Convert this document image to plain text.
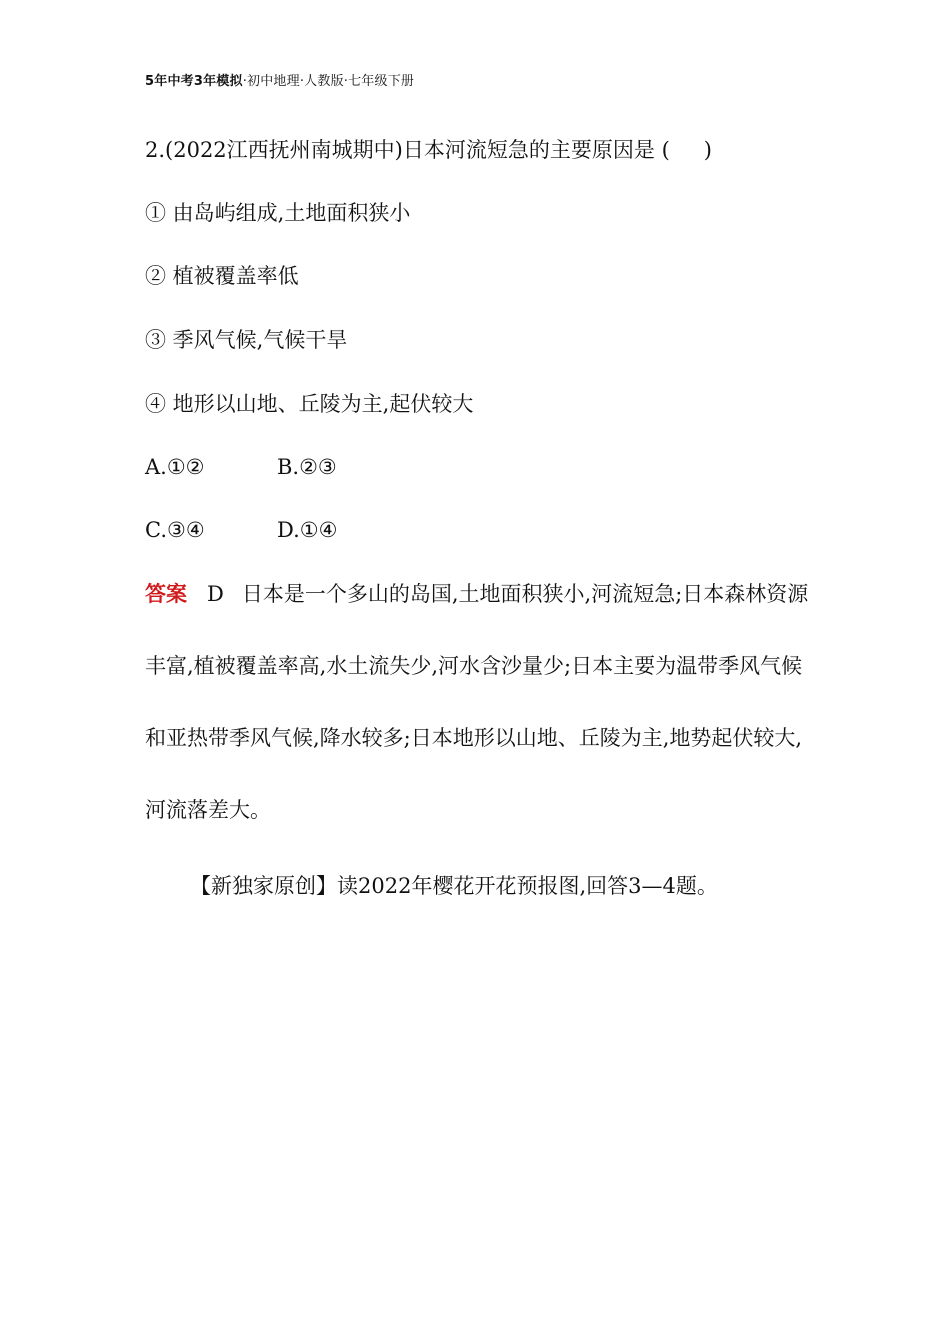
5年中考3年模拟·初中地理·人教版·七年级下册
2.(2022江西抚州南城期中)日本河流短急的主要原因是 ( )
① 由岛屿组成,土地面积狭小
② 植被覆盖率低
③ 季风气候,气候干旱
④ 地形以山地、丘陵为主,起伏较大
A.①②	B.②③
C.③④	D.①④
答案 D 日本是一个多山的岛国,土地面积狭小,河流短急;日本森林资源丰富,植被覆盖率高,水土流失少,河水含沙量少;日本主要为温带季风气候和亚热带季风气候,降水较多;日本地形以山地、丘陵为主,地势起伏较大,河流落差大。
【新独家原创】读2022年樱花开花预报图,回答3—4题。
